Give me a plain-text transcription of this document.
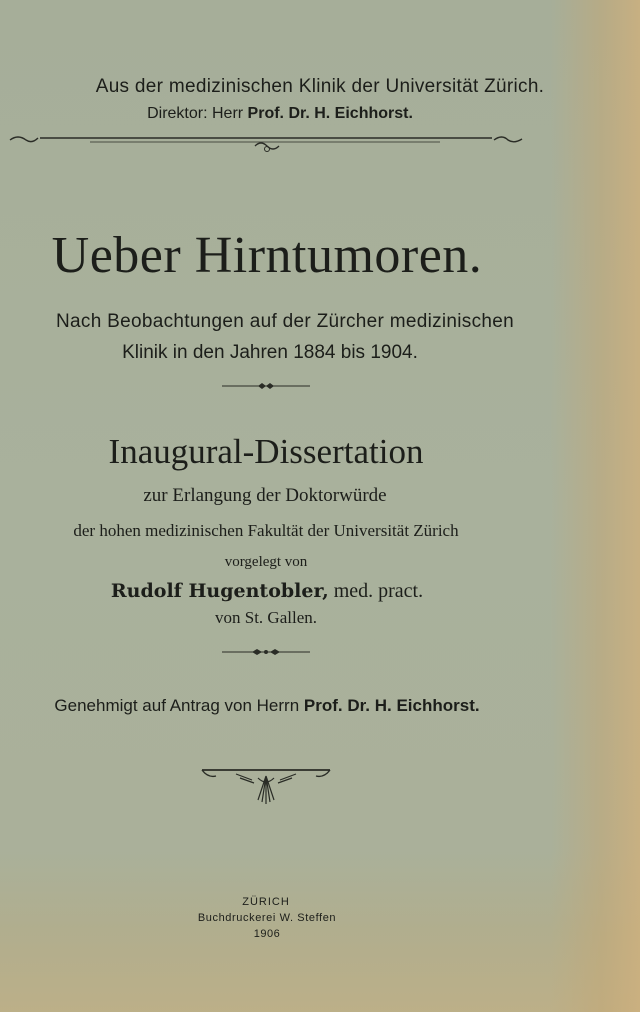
Aus der medizinischen Klinik der Universität Zürich.
Direktor: Herr Prof. Dr. H. Eichhorst.
Ueber Hirntumoren.
Nach Beobachtungen auf der Zürcher medizinischen
Klinik in den Jahren 1884 bis 1904.
Inaugural-Dissertation
zur Erlangung der Doktorwürde
der hohen medizinischen Fakultät der Universität Zürich
vorgelegt von
Rudolf Hugentobler, med. pract.
von St. Gallen.
Genehmigt auf Antrag von Herrn Prof. Dr. H. Eichhorst.
ZÜRICH
Buchdruckerei W. Steffen
1906
